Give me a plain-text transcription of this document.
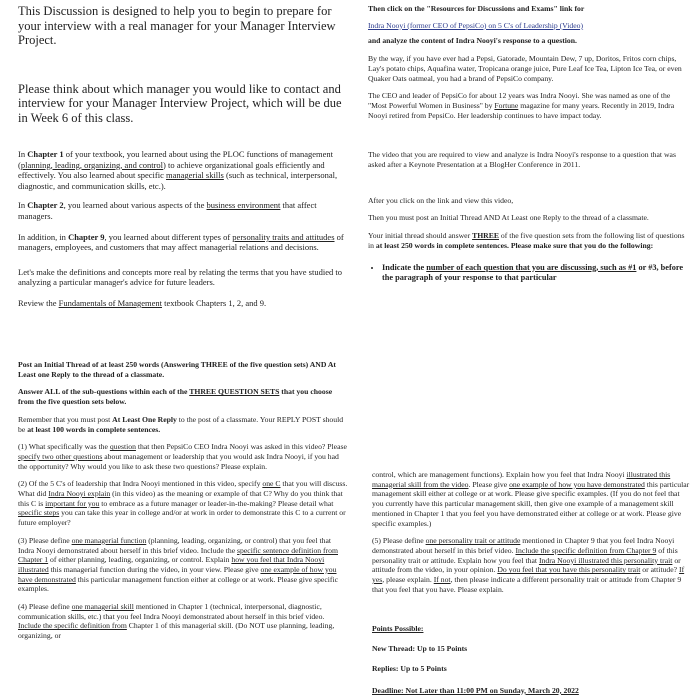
This Discussion is designed to help you to begin to prepare for your interview with a real manager for your Manager Interview Project.

Please think about which manager you would like to contact and interview for your Manager Interview Project, which will be due in Week 6 of this class.

In Chapter 1 of your textbook, you learned about using the PLOC functions of management (planning, leading, organizing, and control) to achieve organizational goals efficiently and effectively. You also learned about specific managerial skills (such as technical, interpersonal, diagnostic, and communication skills, etc.).

In Chapter 2, you learned about various aspects of the business environment that affect managers.

In addition, in Chapter 9, you learned about different types of personality traits and attitudes of managers, employees, and customers that may affect managerial relations and decisions.

Let's make the definitions and concepts more real by relating the terms that you have studied to analyzing a particular manager's advice for future leaders.

Review the Fundamentals of Management textbook Chapters 1, 2, and 9.

Then click on the "Resources for Discussions and Exams" link for

Indra Nooyi (former CEO of PepsiCo) on 5 C's of Leadership (Video)

and analyze the content of Indra Nooyi's response to a question.

By the way, if you have ever had a Pepsi, Gatorade, Mountain Dew, 7 up, Doritos, Fritos corn chips, Lay's potato chips, Aquafina water, Tropicana orange juice, Pure Leaf Ice Tea, Lipton Ice Tea, or even Quaker Oats oatmeal, you had a brand of PepsiCo company.

The CEO and leader of PepsiCo for about 12 years was Indra Nooyi. She was named as one of the "Most Powerful Women in Business" by Fortune magazine for many years. Recently in 2019, Indra Nooyi retired from PepsiCo. Her leadership continues to have impact today.

The video that you are required to view and analyze is Indra Nooyi's response to a question that was asked after a Keynote Presentation at a BlogHer Conference in 2011.

After you click on the link and view this video,

Then you must post an Initial Thread AND At Least one Reply to the thread of a classmate.

Your initial thread should answer THREE of the five question sets from the following list of questions in at least 250 words in complete sentences. Please make sure that you do the following:

• Indicate the number of each question that you are discussing, such as #1 or #3, before the paragraph of your response to that particular

Post an Initial Thread of at least 250 words (Answering THREE of the five question sets) AND At Least one Reply to the thread of a classmate.

Answer ALL of the sub-questions within each of the THREE QUESTION SETS that you choose from the five question sets below.

Remember that you must post At Least One Reply to the post of a classmate. Your REPLY POST should be at least 100 words in complete sentences.

(1) What specifically was the question that then PepsiCo CEO Indra Nooyi was asked in this video? Please specify two other questions about management or leadership that you would ask Indra Nooyi, if you had the opportunity? Why would you like to ask these two questions? Please explain.

(2) Of the 5 C's of leadership that Indra Nooyi mentioned in this video, specify one C that you will discuss. What did Indra Nooyi explain (in this video) as the meaning or example of that C? Why do you think that this C is important for you to embrace as a future manager or leader-in-the-making? Please detail what specific steps you can take this year in college and/or at work in order to demonstrate this C to a current or future employer?

(3) Please define one managerial function (planning, leading, organizing, or control) that you feel that Indra Nooyi demonstrated about herself in this brief video. Include the specific sentence definition from Chapter 1 of either planning, leading, organizing, or control. Explain how you feel that Indra Nooyi illustrated this managerial function during the video, in your view. Please give one example of how you have demonstrated this particular management function either at college or at work. Please give specific examples.

(4) Please define one managerial skill mentioned in Chapter 1 (technical, interpersonal, diagnostic, communication skills, etc.) that you feel Indra Nooyi demonstrated about herself in this brief video. Include the specific definition from Chapter 1 of this managerial skill. (Do NOT use planning, leading, organizing, or

control, which are management functions). Explain how you feel that Indra Nooyi illustrated this managerial skill from the video. Please give one example of how you have demonstrated this particular management skill either at college or at work. Please give specific examples. (If you do not feel that you currently have this particular management skill, then give one example of a management skill mentioned in Chapter 1 that you feel you have demonstrated either at college or at work. Please give specific examples.)

(5) Please define one personality trait or attitude mentioned in Chapter 9 that you feel Indra Nooyi demonstrated about herself in this brief video. Include the specific definition from Chapter 9 of this personality trait or attitude. Explain how you feel that Indra Nooyi illustrated this personality trait or attitude from the video, in your opinion. Do you feel that you have this personality trait or attitude? If yes, please explain. If not, then please indicate a different personality trait or attitude from Chapter 9 that you feel that you have. Please explain.

Points Possible:

New Thread: Up to 15 Points

Replies: Up to 5 Points

Deadline: Not Later than 11:00 PM on Sunday, March 20, 2022
